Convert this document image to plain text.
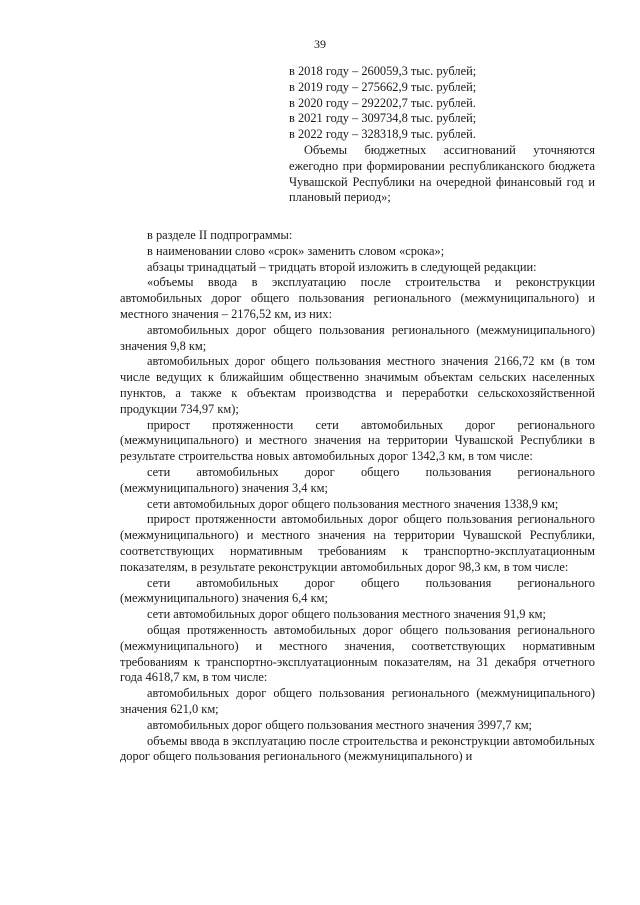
39
в 2018 году – 260059,3 тыс. рублей;
в 2019 году – 275662,9 тыс. рублей;
в 2020 году – 292202,7 тыс. рублей.
в 2021 году – 309734,8 тыс. рублей;
в 2022 году – 328318,9 тыс. рублей.
Объемы бюджетных ассигнований уточняются ежегодно при формировании республиканского бюджета Чувашской Республики на очередной финансовый год и плановый период»;
в разделе II подпрограммы:
в наименовании слово «срок» заменить словом «срока»;
абзацы тринадцатый – тридцать второй изложить в следующей редакции:
«объемы ввода в эксплуатацию после строительства и реконструкции автомобильных дорог общего пользования регионального (межмуниципального) и местного значения – 2176,52 км, из них:
автомобильных дорог общего пользования регионального (межмуниципального) значения 9,8 км;
автомобильных дорог общего пользования местного значения 2166,72 км (в том числе ведущих к ближайшим общественно значимым объектам сельских населенных пунктов, а также к объектам производства и переработки сельскохозяйственной продукции 734,97 км);
прирост протяженности сети автомобильных дорог регионального (межмуниципального) и местного значения на территории Чувашской Республики в результате строительства новых автомобильных дорог 1342,3 км, в том числе:
сети автомобильных дорог общего пользования регионального (межмуниципального) значения 3,4 км;
сети автомобильных дорог общего пользования местного значения 1338,9 км;
прирост протяженности автомобильных дорог общего пользования регионального (межмуниципального) и местного значения на территории Чувашской Республики, соответствующих нормативным требованиям к транспортно-эксплуатационным показателям, в результате реконструкции автомобильных дорог 98,3 км, в том числе:
сети автомобильных дорог общего пользования регионального (межмуниципального) значения 6,4 км;
сети автомобильных дорог общего пользования местного значения 91,9 км;
общая протяженность автомобильных дорог общего пользования регионального (межмуниципального) и местного значения, соответствующих нормативным требованиям к транспортно-эксплуатационным показателям, на 31 декабря отчетного года 4618,7 км, в том числе:
автомобильных дорог общего пользования регионального (межмуниципального) значения 621,0 км;
автомобильных дорог общего пользования местного значения 3997,7 км;
объемы ввода в эксплуатацию после строительства и реконструкции автомобильных дорог общего пользования регионального (межмуниципального) и
